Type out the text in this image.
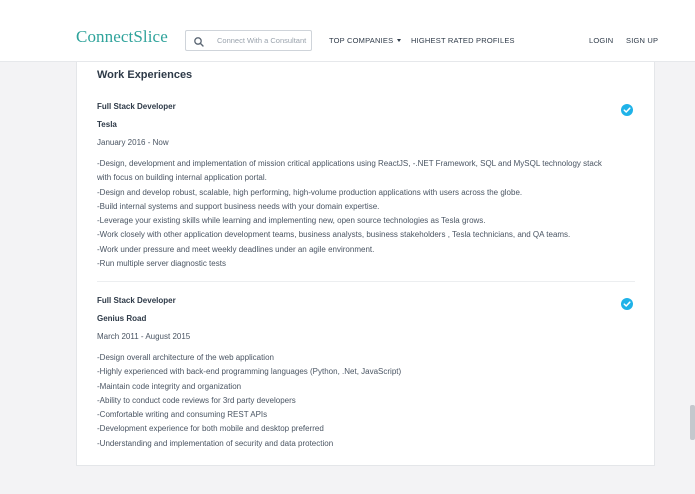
ConnectSlice	Connect With a Consultant	TOP COMPANIES	HIGHEST RATED PROFILES	LOGIN SIGN UP
Work Experiences
Full Stack Developer
Tesla
January 2016 - Now
-Design, development and implementation of mission critical applications using ReactJS, -.NET Framework, SQL and MySQL technology stack
with focus on building internal application portal.
-Design and develop robust, scalable, high performing, high-volume production applications with users across the globe.
-Build internal systems and support business needs with your domain expertise.
-Leverage your existing skills while learning and implementing new, open source technologies as Tesla grows.
-Work closely with other application development teams, business analysts, business stakeholders , Tesla technicians, and QA teams.
-Work under pressure and meet weekly deadlines under an agile environment.
-Run multiple server diagnostic tests
Full Stack Developer
Genius Road
March 2011 - August 2015
-Design overall architecture of the web application
-Highly experienced with back-end programming languages (Python, .Net, JavaScript)
-Maintain code integrity and organization
-Ability to conduct code reviews for 3rd party developers
-Comfortable writing and consuming REST APIs
-Development experience for both mobile and desktop preferred
-Understanding and implementation of security and data protection
